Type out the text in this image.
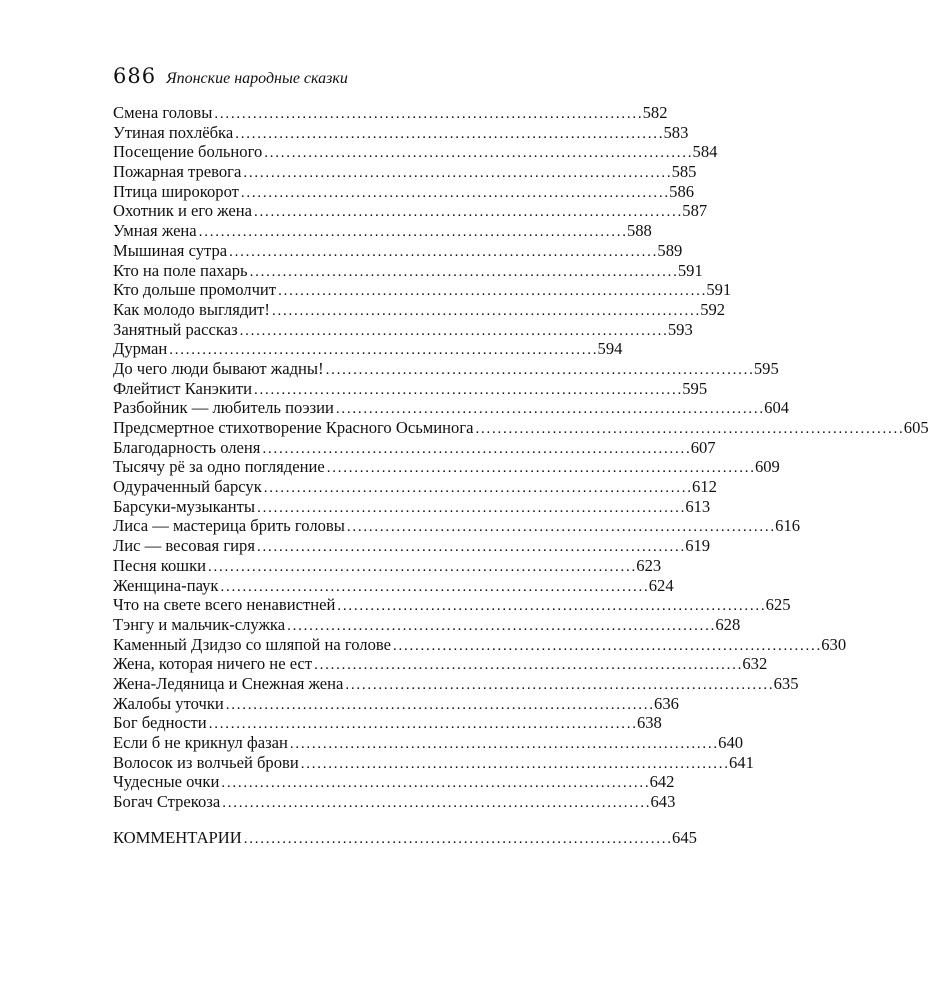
686 Японские народные сказки
Смена головы . . .	582
Утиная похлёбка . . .	583
Посещение больного . . .	584
Пожарная тревога . . .	585
Птица широкорот . . .	586
Охотник и его жена . . .	587
Умная жена . . .	588
Мышиная сутра . . .	589
Кто на поле пахарь . . .	591
Кто дольше промолчит . . .	591
Как молодо выглядит! . . .	592
Занятный рассказ . . .	593
Дурман . . .	594
До чего люди бывают жадны! . . .	595
Флейтист Канэкити . . .	595
Разбойник — любитель поэзии . . .	604
Предсмертное стихотворение Красного Осьминога . . .	605
Благодарность оленя . . .	607
Тысячу рё за одно поглядение . . .	609
Одураченный барсук . . .	612
Барсуки-музыканты . . .	613
Лиса — мастерица брить головы . . .	616
Лис — весовая гиря . . .	619
Песня кошки . . .	623
Женщина-паук . . .	624
Что на свете всего ненавистней . . .	625
Тэнгу и мальчик-служка . . .	628
Каменный Дзидзо со шляпой на голове . . .	630
Жена, которая ничего не ест . . .	632
Жена-Ледяница и Снежная жена . . .	635
Жалобы уточки . . .	636
Бог бедности . . .	638
Если б не крикнул фазан . . .	640
Волосок из волчьей брови . . .	641
Чудесные очки . . .	642
Богач Стрекоза . . .	643
КОММЕНТАРИИ . . .	645
